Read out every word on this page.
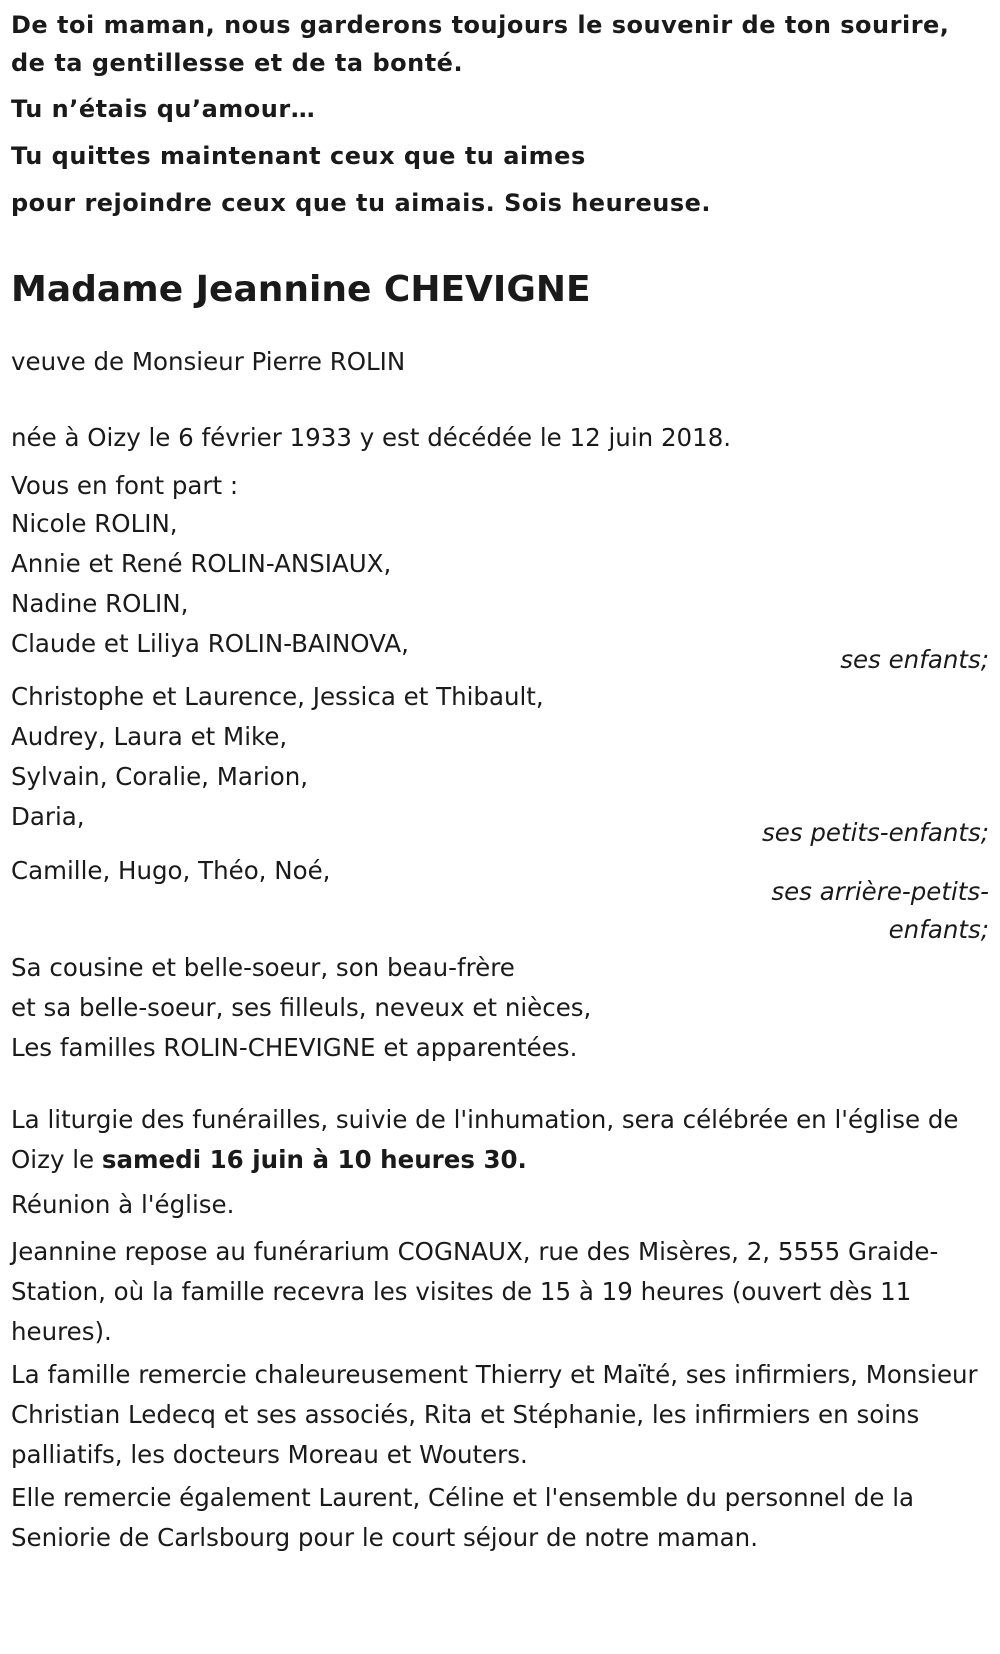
De toi maman, nous garderons toujours le souvenir de ton sourire, de ta gentillesse et de ta bonté.

Tu n’étais qu’amour…

Tu quittes maintenant ceux que tu aimes

pour rejoindre ceux que tu aimais. Sois heureuse.

Madame Jeannine CHEVIGNE

veuve de Monsieur Pierre ROLIN

née à Oizy le 6 février 1933 y est décédée le 12 juin 2018.

Vous en font part :

Nicole ROLIN,
Annie et René ROLIN-ANSIAUX,
Nadine ROLIN,
Claude et Liliya ROLIN-BAINOVA,
ses enfants;
Christophe et Laurence, Jessica et Thibault,
Audrey, Laura et Mike,
Sylvain, Coralie, Marion,
Daria,
ses petits-enfants;
Camille, Hugo, Théo, Noé,
ses arrière-petits-
enfants;
Sa cousine et belle-soeur, son beau-frère
et sa belle-soeur, ses filleuls, neveux et nièces,
Les familles ROLIN-CHEVIGNE et apparentées.

La liturgie des funérailles, suivie de l'inhumation, sera célébrée en l'église de Oizy le samedi 16 juin à 10 heures 30.

Réunion à l'église.

Jeannine repose au funérarium COGNAUX, rue des Misères, 2, 5555 Graide-Station, où la famille recevra les visites de 15 à 19 heures (ouvert dès 11 heures).

La famille remercie chaleureusement Thierry et Maïté, ses infirmiers, Monsieur Christian Ledecq et ses associés, Rita et Stéphanie, les infirmiers en soins palliatifs, les docteurs Moreau et Wouters.

Elle remercie également Laurent, Céline et l'ensemble du personnel de la Seniorie de Carlsbourg pour le court séjour de notre maman.
